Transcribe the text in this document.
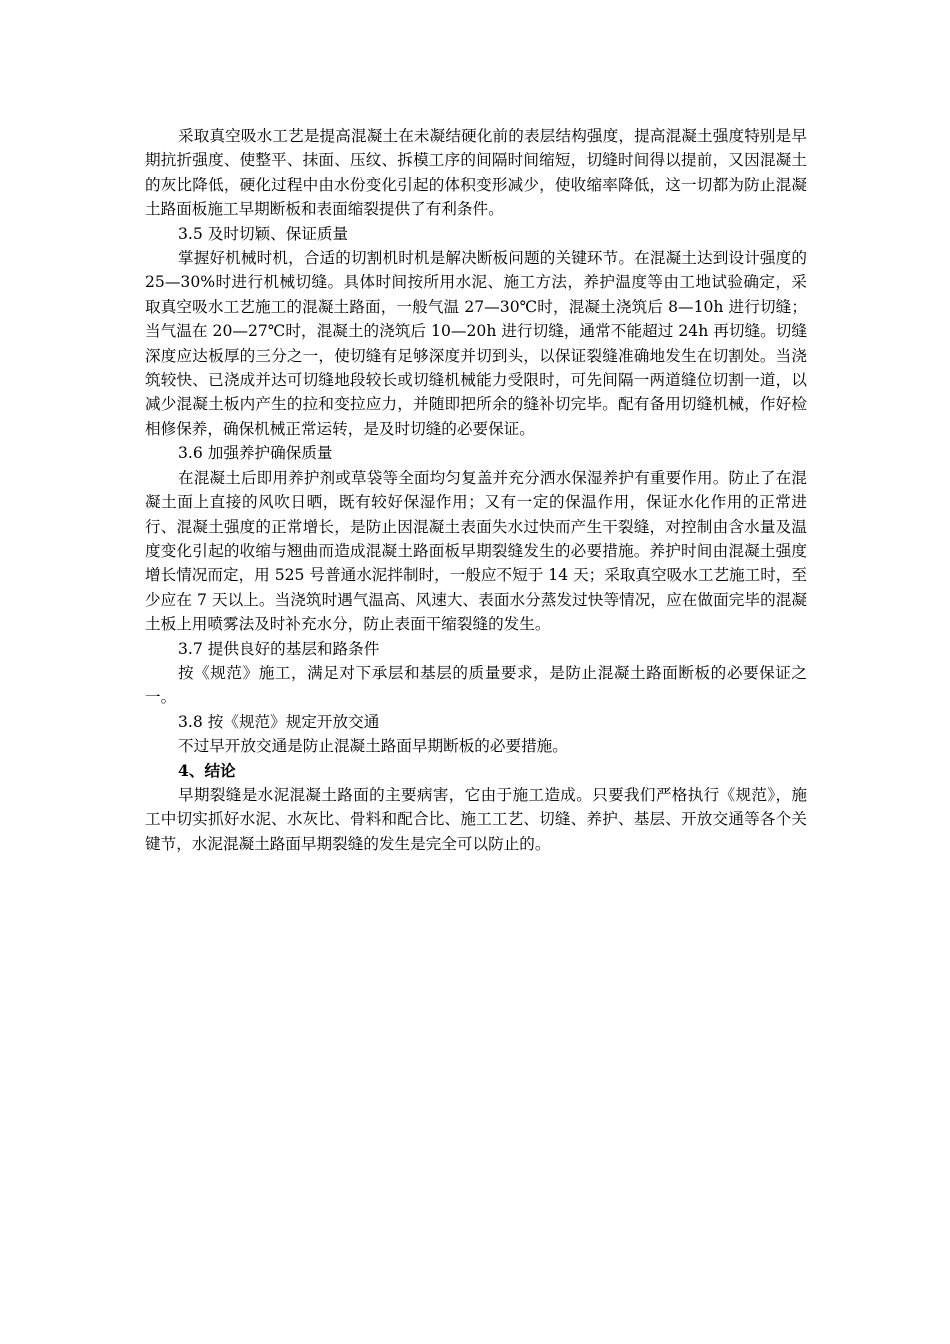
采取真空吸水工艺是提高混凝土在未凝结硬化前的表层结构强度，提高混凝土强度特别是早期抗折强度、使整平、抹面、压纹、拆模工序的间隔时间缩短，切缝时间得以提前，又因混凝土的灰比降低，硬化过程中由水份变化引起的体积变形减少，使收缩率降低，这一切都为防止混凝土路面板施工早期断板和表面缩裂提供了有利条件。

3.5 及时切颖、保证质量

掌握好机械时机，合适的切割机时机是解决断板问题的关键环节。在混凝土达到设计强度的 25—30%时进行机械切缝。具体时间按所用水泥、施工方法，养护温度等由工地试验确定，采取真空吸水工艺施工的混凝土路面，一般气温 27—30℃时，混凝土浇筑后 8—10h 进行切缝；当气温在 20—27℃时，混凝土的浇筑后 10—20h 进行切缝，通常不能超过 24h 再切缝。切缝深度应达板厚的三分之一，使切缝有足够深度并切到头，以保证裂缝准确地发生在切割处。当浇筑较快、已浇成并达可切缝地段较长或切缝机械能力受限时，可先间隔一两道缝位切割一道，以减少混凝土板内产生的拉和变拉应力，并随即把所余的缝补切完毕。配有备用切缝机械，作好检相修保养，确保机械正常运转，是及时切缝的必要保证。

3.6 加强养护确保质量

在混凝土后即用养护剂或草袋等全面均匀复盖并充分洒水保湿养护有重要作用。防止了在混凝土面上直接的风吹日晒，既有较好保湿作用；又有一定的保温作用，保证水化作用的正常进行、混凝土强度的正常增长，是防止因混凝土表面失水过快而产生干裂缝，对控制由含水量及温度变化引起的收缩与翘曲而造成混凝土路面板早期裂缝发生的必要措施。养护时间由混凝土强度增长情况而定，用 525 号普通水泥拌制时，一般应不短于 14 天；采取真空吸水工艺施工时，至少应在 7 天以上。当浇筑时遇气温高、风速大、表面水分蒸发过快等情况，应在做面完毕的混凝土板上用喷雾法及时补充水分，防止表面干缩裂缝的发生。

3.7 提供良好的基层和路条件

按《规范》施工，满足对下承层和基层的质量要求，是防止混凝土路面断板的必要保证之一。

3.8 按《规范》规定开放交通

不过早开放交通是防止混凝土路面早期断板的必要措施。

4、结论

早期裂缝是水泥混凝土路面的主要病害，它由于施工造成。只要我们严格执行《规范》，施工中切实抓好水泥、水灰比、骨料和配合比、施工工艺、切缝、养护、基层、开放交通等各个关键节，水泥混凝土路面早期裂缝的发生是完全可以防止的。
